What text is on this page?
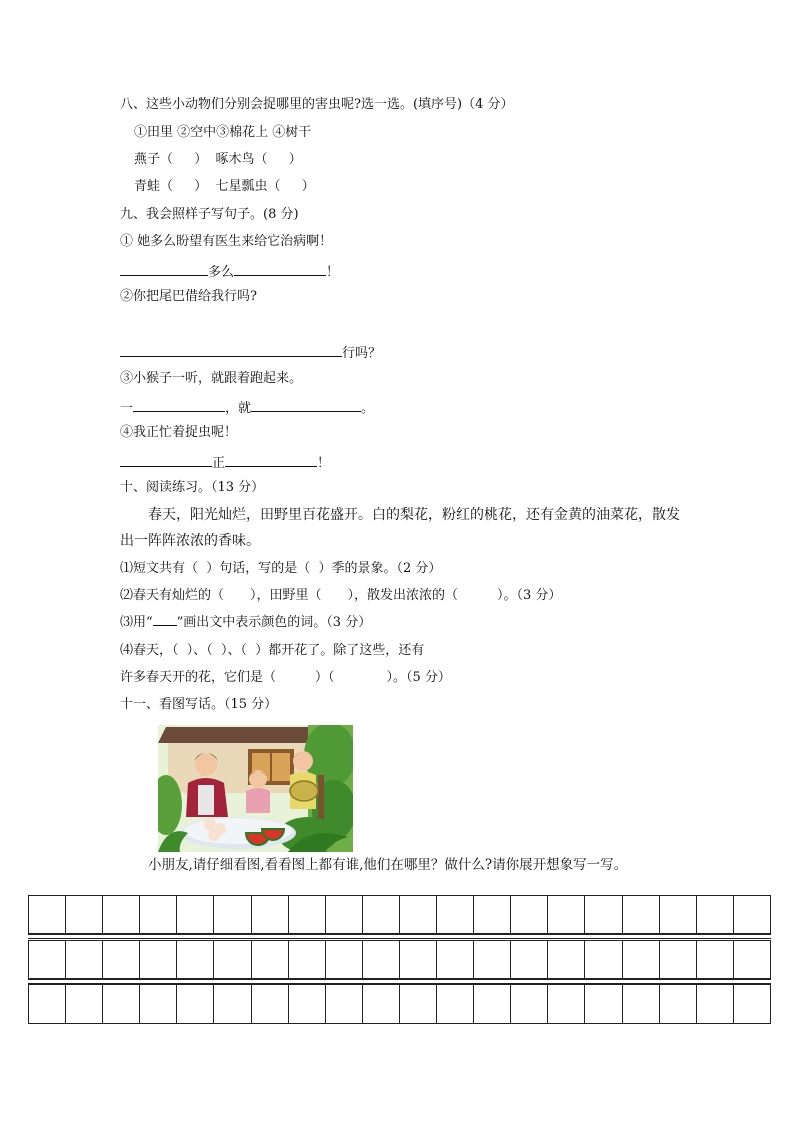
八、这些小动物们分别会捉哪里的害虫呢?选一选。(填序号)（4 分）
①田里 ②空中③棉花上 ④树干
燕子（　  ）  啄木鸟（　  ）
青蛙（　  ）  七星瓢虫（　  ）
九、我会照样子写句子。(8 分)
① 她多么盼望有医生来给它治病啊！
多么	！
②你把尾巴借给我行吗?
行吗？
③小猴子一听，就跟着跑起来。
一	，就	。
④我正忙着捉虫呢！
正	！
十、阅读练习。（13 分）
春天，阳光灿烂，田野里百花盛开。白的梨花，粉红的桃花，还有金黄的油菜花，散发
出一阵阵浓浓的香味。
⑴短文共有（  ）句话，写的是（  ）季的景象。（2 分）
⑵春天有灿烂的（　　），田野里（　　），散发出浓浓的（　　　）。（3 分）
⑶用“ ”画出文中表示颜色的词。（3 分）
⑷春天，（  ）、（  ）、（  ）都开花了。除了这些，还有
许多春天开的花，它们是（　　　）（　　　　）。（5 分）
十一、看图写话。（15 分）
小朋友,请仔细看图,看看图上都有谁,他们在哪里？做什么?请你展开想象写一写。
